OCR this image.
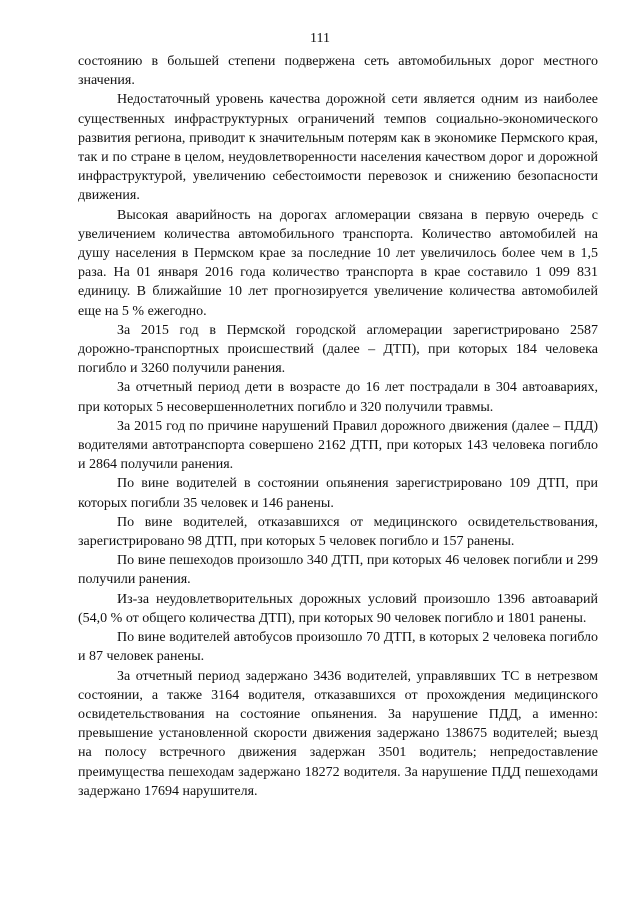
111

состоянию в большей степени подвержена сеть автомобильных дорог местного значения.

Недостаточный уровень качества дорожной сети является одним из наиболее существенных инфраструктурных ограничений темпов социально-экономического развития региона, приводит к значительным потерям как в экономике Пермского края, так и по стране в целом, неудовлетворенности населения качеством дорог и дорожной инфраструктурой, увеличению себестоимости перевозок и снижению безопасности движения.

Высокая аварийность на дорогах агломерации связана в первую очередь с увеличением количества автомобильного транспорта. Количество автомобилей на душу населения в Пермском крае за последние 10 лет увеличилось более чем в 1,5 раза. На 01 января 2016 года количество транспорта в крае составило 1 099 831 единицу. В ближайшие 10 лет прогнозируется увеличение количества автомобилей еще на 5 % ежегодно.

За 2015 год в Пермской городской агломерации зарегистрировано 2587 дорожно-транспортных происшествий (далее – ДТП), при которых 184 человека погибло и 3260 получили ранения.

За отчетный период дети в возрасте до 16 лет пострадали в 304 автоавариях, при которых 5 несовершеннолетних погибло и 320 получили травмы.

За 2015 год по причине нарушений Правил дорожного движения (далее – ПДД) водителями автотранспорта совершено 2162 ДТП, при которых 143 человека погибло и 2864 получили ранения.

По вине водителей в состоянии опьянения зарегистрировано 109 ДТП, при которых погибли 35 человек и 146 ранены.

По вине водителей, отказавшихся от медицинского освидетельствования, зарегистрировано 98 ДТП, при которых 5 человек погибло и 157 ранены.

По вине пешеходов произошло 340 ДТП, при которых 46 человек погибли и 299 получили ранения.

Из-за неудовлетворительных дорожных условий произошло 1396 автоаварий (54,0 % от общего количества ДТП), при которых 90 человек погибло и 1801 ранены.

По вине водителей автобусов произошло 70 ДТП, в которых 2 человека погибло и 87 человек ранены.

За отчетный период задержано 3436 водителей, управлявших ТС в нетрезвом состоянии, а также 3164 водителя, отказавшихся от прохождения медицинского освидетельствования на состояние опьянения. За нарушение ПДД, а именно: превышение установленной скорости движения задержано 138675 водителей; выезд на полосу встречного движения задержан 3501 водитель; непредоставление преимущества пешеходам задержано 18272 водителя. За нарушение ПДД пешеходами задержано 17694 нарушителя.
